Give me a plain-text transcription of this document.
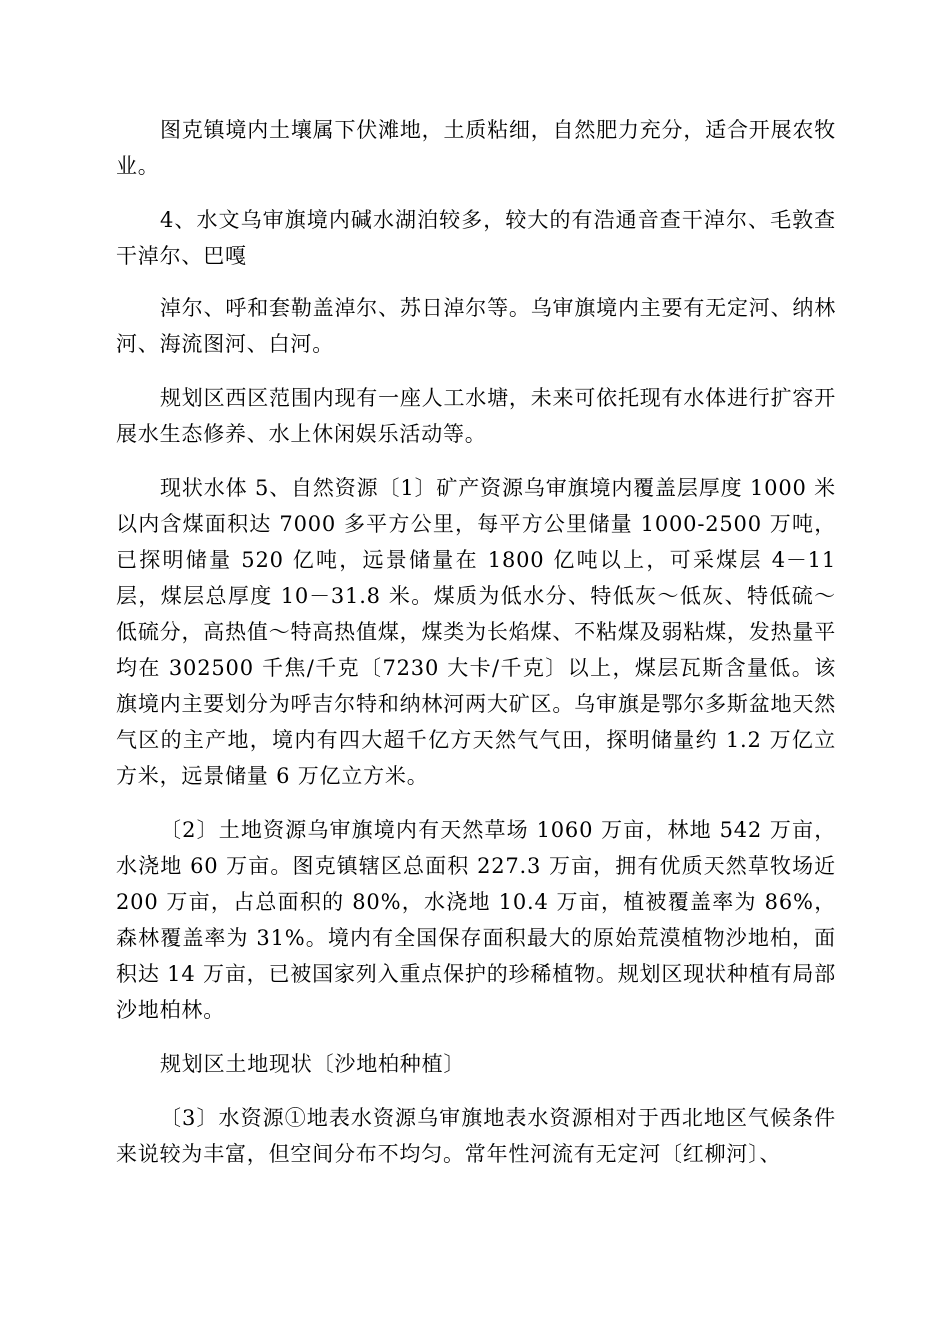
图克镇境内土壤属下伏滩地，土质粘细，自然肥力充分，适合开展农牧业。

4、水文乌审旗境内碱水湖泊较多，较大的有浩通音查干淖尔、毛敦查干淖尔、巴嘎

淖尔、呼和套勒盖淖尔、苏日淖尔等。乌审旗境内主要有无定河、纳林河、海流图河、白河。

规划区西区范围内现有一座人工水塘，未来可依托现有水体进行扩容开展水生态修养、水上休闲娱乐活动等。

现状水体 5、自然资源〔1〕矿产资源乌审旗境内覆盖层厚度 1000 米以内含煤面积达 7000 多平方公里，每平方公里储量 1000-2500 万吨，已探明储量 520 亿吨，远景储量在 1800 亿吨以上，可采煤层 4－11 层，煤层总厚度 10－31.8 米。煤质为低水分、特低灰～低灰、特低硫～低硫分，高热值～特高热值煤，煤类为长焰煤、不粘煤及弱粘煤，发热量平均在 302500 千焦/千克〔7230 大卡/千克〕以上，煤层瓦斯含量低。该旗境内主要划分为呼吉尔特和纳林河两大矿区。乌审旗是鄂尔多斯盆地天然气区的主产地，境内有四大超千亿方天然气气田，探明储量约 1.2 万亿立方米，远景储量 6 万亿立方米。

〔2〕土地资源乌审旗境内有天然草场 1060 万亩，林地 542 万亩，水浇地 60 万亩。图克镇辖区总面积 227.3 万亩，拥有优质天然草牧场近 200 万亩，占总面积的 80%，水浇地 10.4 万亩，植被覆盖率为 86%，森林覆盖率为 31%。境内有全国保存面积最大的原始荒漠植物沙地柏，面积达 14 万亩，已被国家列入重点保护的珍稀植物。规划区现状种植有局部沙地柏林。

规划区土地现状〔沙地柏种植〕

〔3〕水资源①地表水资源乌审旗地表水资源相对于西北地区气候条件来说较为丰富，但空间分布不均匀。常年性河流有无定河〔红柳河〕、
